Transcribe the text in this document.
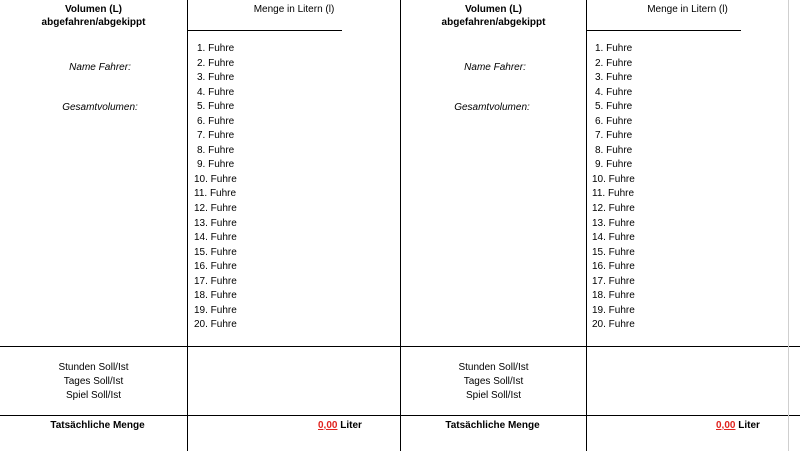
Volumen (L)
abgefahren/abgekippt
Menge in Litern (l)
Name Fahrer:
Gesamtvolumen:
1. Fuhre
2. Fuhre
3. Fuhre
4. Fuhre
5. Fuhre
6. Fuhre
7. Fuhre
8. Fuhre
9. Fuhre
10. Fuhre
11. Fuhre
12. Fuhre
13. Fuhre
14. Fuhre
15. Fuhre
16. Fuhre
17. Fuhre
18. Fuhre
19. Fuhre
20. Fuhre
Stunden Soll/Ist
Tages Soll/Ist
Spiel Soll/Ist
Tatsächliche Menge	0,00 Liter
Volumen (L)
abgefahren/abgekippt
Menge in Litern (l)
Name Fahrer:
Gesamtvolumen:
1. Fuhre
2. Fuhre
3. Fuhre
4. Fuhre
5. Fuhre
6. Fuhre
7. Fuhre
8. Fuhre
9. Fuhre
10. Fuhre
11. Fuhre
12. Fuhre
13. Fuhre
14. Fuhre
15. Fuhre
16. Fuhre
17. Fuhre
18. Fuhre
19. Fuhre
20. Fuhre
Stunden Soll/Ist
Tages Soll/Ist
Spiel Soll/Ist
Tatsächliche Menge	0,00 Liter
